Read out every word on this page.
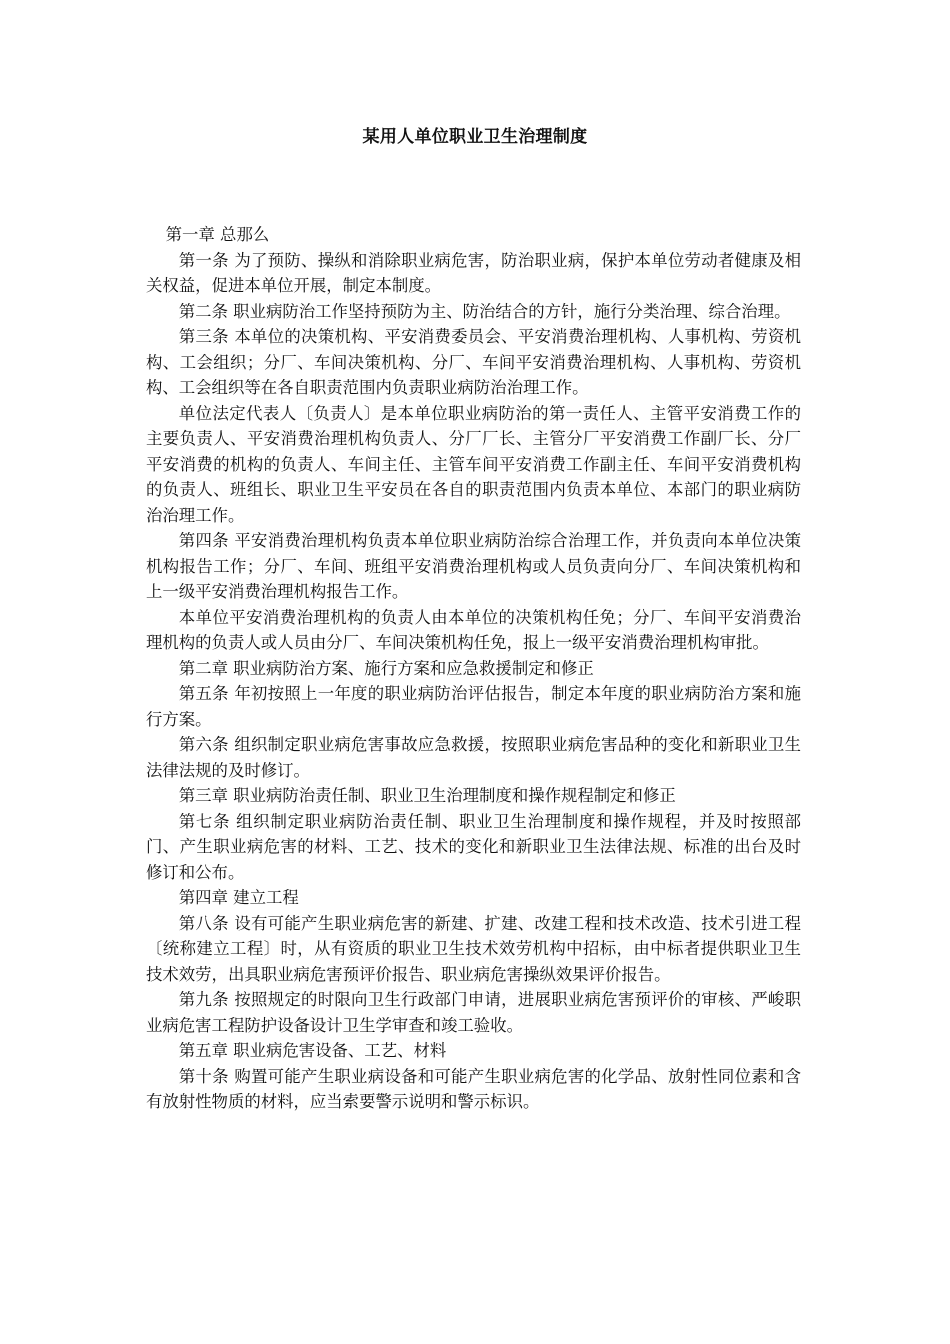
某用人单位职业卫生治理制度

第一章 总那么

第一条 为了预防、操纵和消除职业病危害，防治职业病，保护本单位劳动者健康及相关权益，促进本单位开展，制定本制度。

第二条 职业病防治工作坚持预防为主、防治结合的方针，施行分类治理、综合治理。

第三条 本单位的决策机构、平安消费委员会、平安消费治理机构、人事机构、劳资机构、工会组织；分厂、车间决策机构、分厂、车间平安消费治理机构、人事机构、劳资机构、工会组织等在各自职责范围内负责职业病防治治理工作。

单位法定代表人〔负责人〕是本单位职业病防治的第一责任人、主管平安消费工作的主要负责人、平安消费治理机构负责人、分厂厂长、主管分厂平安消费工作副厂长、分厂平安消费的机构的负责人、车间主任、主管车间平安消费工作副主任、车间平安消费机构的负责人、班组长、职业卫生平安员在各自的职责范围内负责本单位、本部门的职业病防治治理工作。

第四条 平安消费治理机构负责本单位职业病防治综合治理工作，并负责向本单位决策机构报告工作；分厂、车间、班组平安消费治理机构或人员负责向分厂、车间决策机构和上一级平安消费治理机构报告工作。

本单位平安消费治理机构的负责人由本单位的决策机构任免；分厂、车间平安消费治理机构的负责人或人员由分厂、车间决策机构任免，报上一级平安消费治理机构审批。

第二章 职业病防治方案、施行方案和应急救援制定和修正

第五条 年初按照上一年度的职业病防治评估报告，制定本年度的职业病防治方案和施行方案。

第六条 组织制定职业病危害事故应急救援，按照职业病危害品种的变化和新职业卫生法律法规的及时修订。

第三章 职业病防治责任制、职业卫生治理制度和操作规程制定和修正

第七条 组织制定职业病防治责任制、职业卫生治理制度和操作规程，并及时按照部门、产生职业病危害的材料、工艺、技术的变化和新职业卫生法律法规、标准的出台及时修订和公布。

第四章 建立工程

第八条 设有可能产生职业病危害的新建、扩建、改建工程和技术改造、技术引进工程〔统称建立工程〕时，从有资质的职业卫生技术效劳机构中招标，由中标者提供职业卫生技术效劳，出具职业病危害预评价报告、职业病危害操纵效果评价报告。

第九条 按照规定的时限向卫生行政部门申请，进展职业病危害预评价的审核、严峻职业病危害工程防护设备设计卫生学审查和竣工验收。

第五章 职业病危害设备、工艺、材料

第十条 购置可能产生职业病设备和可能产生职业病危害的化学品、放射性同位素和含有放射性物质的材料，应当索要警示说明和警示标识。
